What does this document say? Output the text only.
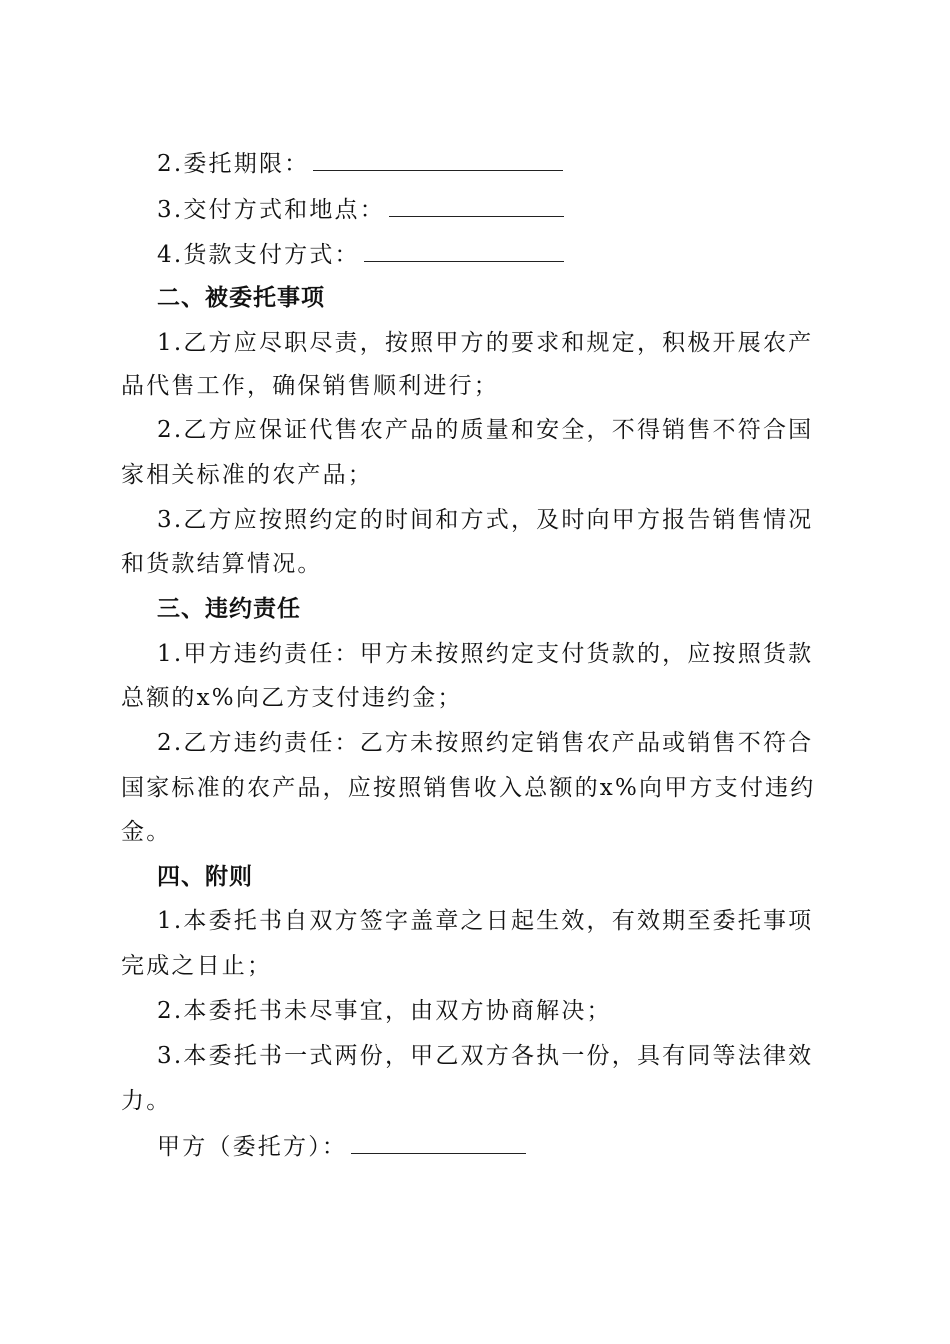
2.委托期限：
3.交付方式和地点：
4.货款支付方式：
二、被委托事项
1.乙方应尽职尽责，按照甲方的要求和规定，积极开展农产
品代售工作，确保销售顺利进行；
2.乙方应保证代售农产品的质量和安全，不得销售不符合国
家相关标准的农产品；
3.乙方应按照约定的时间和方式，及时向甲方报告销售情况
和货款结算情况。
三、违约责任
1.甲方违约责任：甲方未按照约定支付货款的，应按照货款
总额的x%向乙方支付违约金；
2.乙方违约责任：乙方未按照约定销售农产品或销售不符合
国家标准的农产品，应按照销售收入总额的x%向甲方支付违约
金。
四、附则
1.本委托书自双方签字盖章之日起生效，有效期至委托事项
完成之日止；
2.本委托书未尽事宜，由双方协商解决；
3.本委托书一式两份，甲乙双方各执一份，具有同等法律效
力。
甲方（委托方）：
